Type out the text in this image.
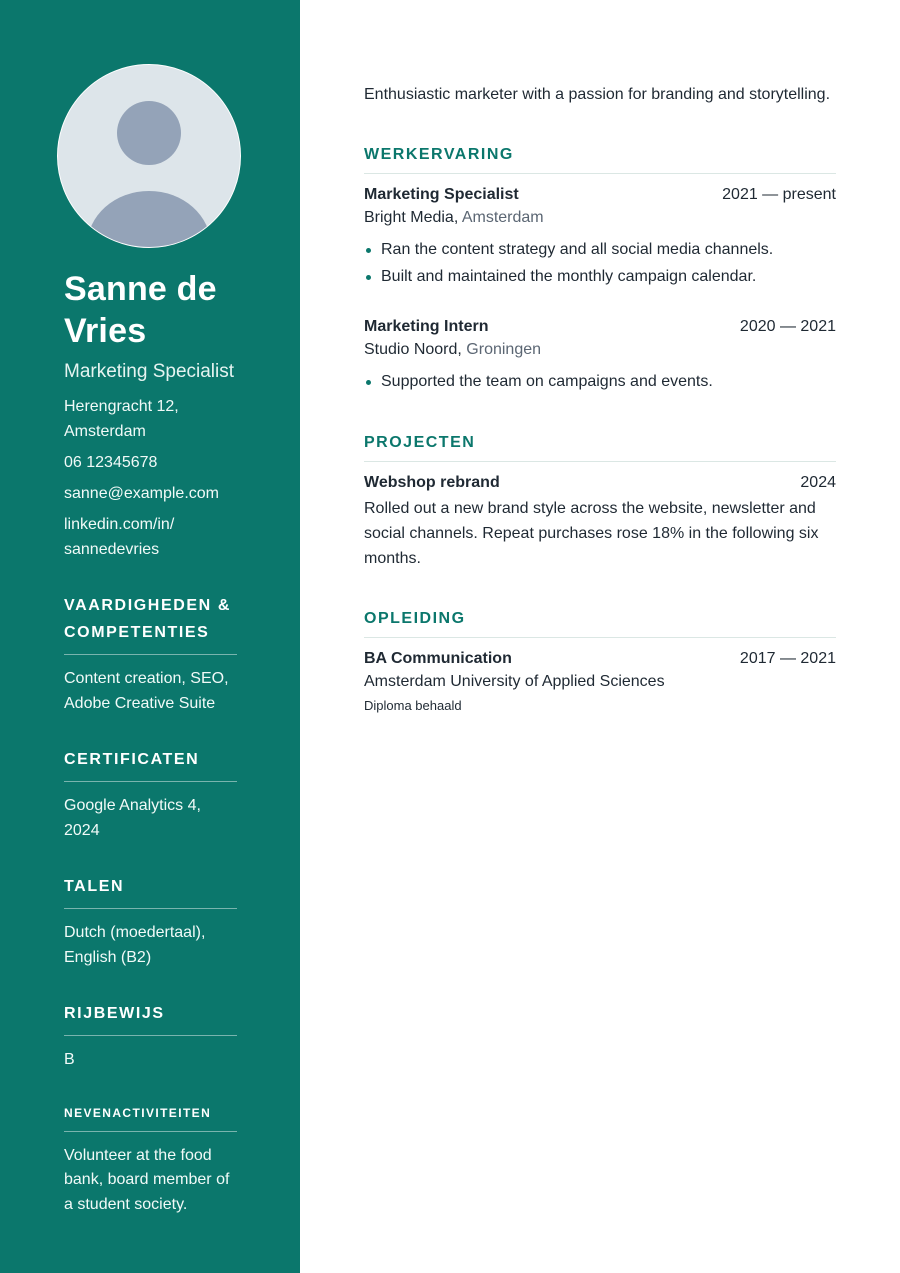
Sanne de Vries
Marketing Specialist
Herengracht 12, Amsterdam
06 12345678
sanne@example.com
linkedin.com/in/ sannedevries
VAARDIGHEDEN & COMPETENTIES
Content creation, SEO, Adobe Creative Suite
CERTIFICATEN
Google Analytics 4, 2024
TALEN
Dutch (moedertaal), English (B2)
RIJBEWIJS
B
NEVENACTIVITEITEN
Volunteer at the food bank, board member of a student society.

Enthusiastic marketer with a passion for branding and storytelling.

WERKERVARING
Marketing Specialist	2021 — present
Bright Media, Amsterdam
Ran the content strategy and all social media channels.
Built and maintained the monthly campaign calendar.
Marketing Intern	2020 — 2021
Studio Noord, Groningen
Supported the team on campaigns and events.
PROJECTEN
Webshop rebrand	2024
Rolled out a new brand style across the website, newsletter and social channels. Repeat purchases rose 18% in the following six months.
OPLEIDING
BA Communication	2017 — 2021
Amsterdam University of Applied Sciences
Diploma behaald
